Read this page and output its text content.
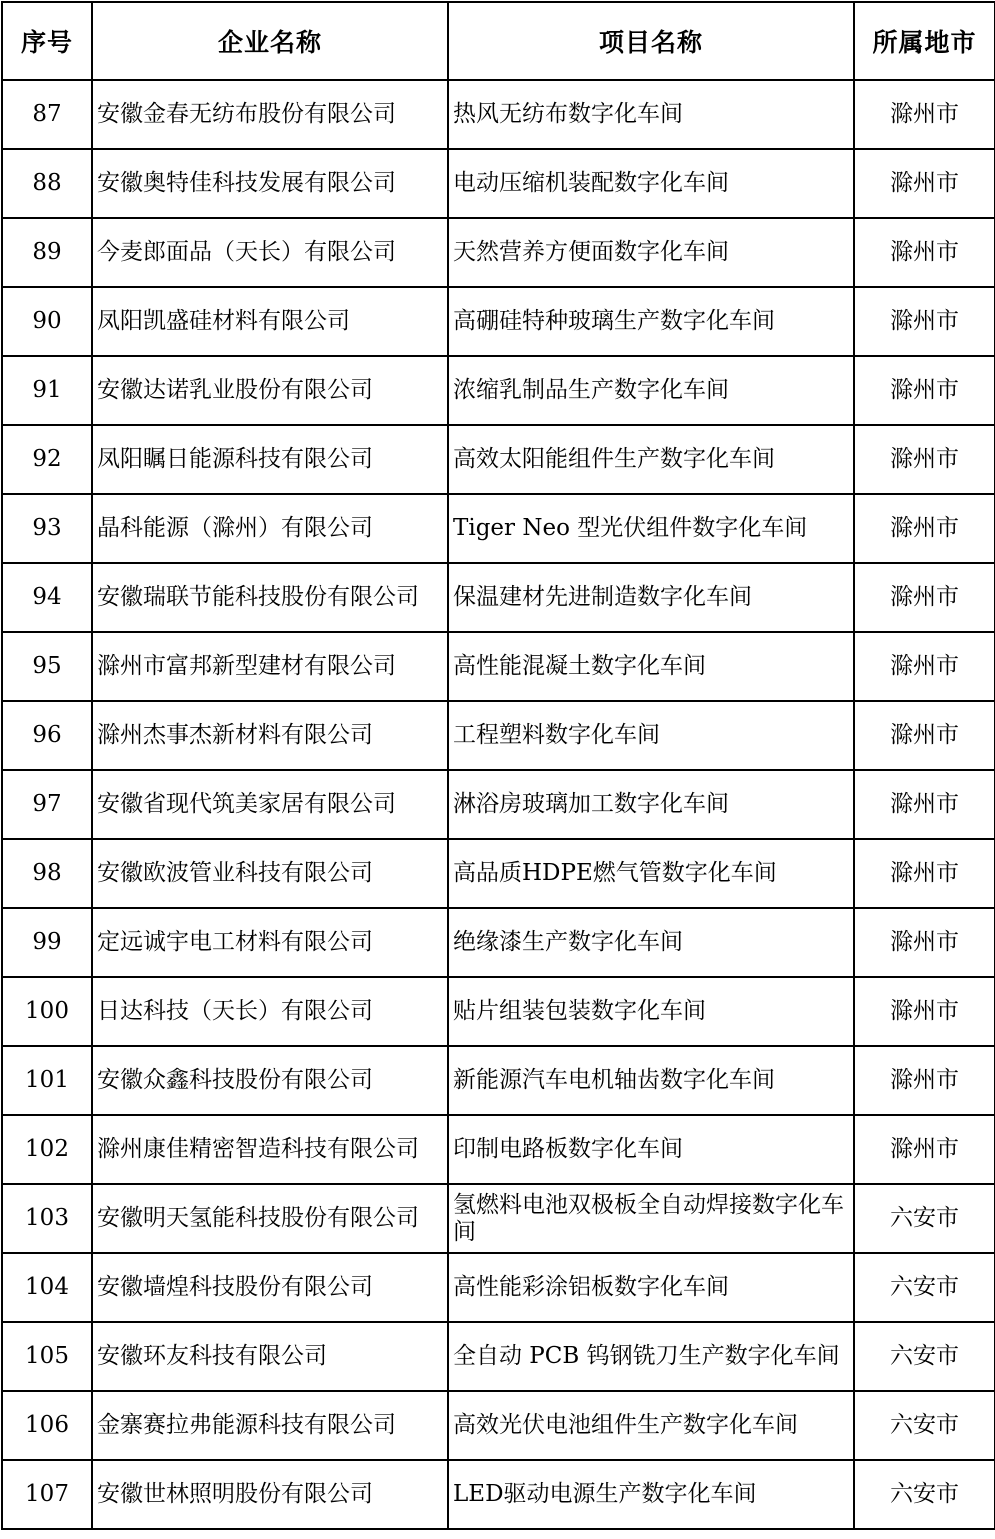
序号	企业名称	项目名称	所属地市
87	安徽金春无纺布股份有限公司	热风无纺布数字化车间	滁州市
88	安徽奥特佳科技发展有限公司	电动压缩机装配数字化车间	滁州市
89	今麦郎面品（天长）有限公司	天然营养方便面数字化车间	滁州市
90	凤阳凯盛硅材料有限公司	高硼硅特种玻璃生产数字化车间	滁州市
91	安徽达诺乳业股份有限公司	浓缩乳制品生产数字化车间	滁州市
92	凤阳瞩日能源科技有限公司	高效太阳能组件生产数字化车间	滁州市
93	晶科能源（滁州）有限公司	Tiger Neo 型光伏组件数字化车间	滁州市
94	安徽瑞联节能科技股份有限公司	保温建材先进制造数字化车间	滁州市
95	滁州市富邦新型建材有限公司	高性能混凝土数字化车间	滁州市
96	滁州杰事杰新材料有限公司	工程塑料数字化车间	滁州市
97	安徽省现代筑美家居有限公司	淋浴房玻璃加工数字化车间	滁州市
98	安徽欧波管业科技有限公司	高品质HDPE燃气管数字化车间	滁州市
99	定远诚宇电工材料有限公司	绝缘漆生产数字化车间	滁州市
100	日达科技（天长）有限公司	贴片组装包装数字化车间	滁州市
101	安徽众鑫科技股份有限公司	新能源汽车电机轴齿数字化车间	滁州市
102	滁州康佳精密智造科技有限公司	印制电路板数字化车间	滁州市
103	安徽明天氢能科技股份有限公司	氢燃料电池双极板全自动焊接数字化车间	六安市
104	安徽墙煌科技股份有限公司	高性能彩涂铝板数字化车间	六安市
105	安徽环友科技有限公司	全自动 PCB 钨钢铣刀生产数字化车间	六安市
106	金寨赛拉弗能源科技有限公司	高效光伏电池组件生产数字化车间	六安市
107	安徽世林照明股份有限公司	LED驱动电源生产数字化车间	六安市
